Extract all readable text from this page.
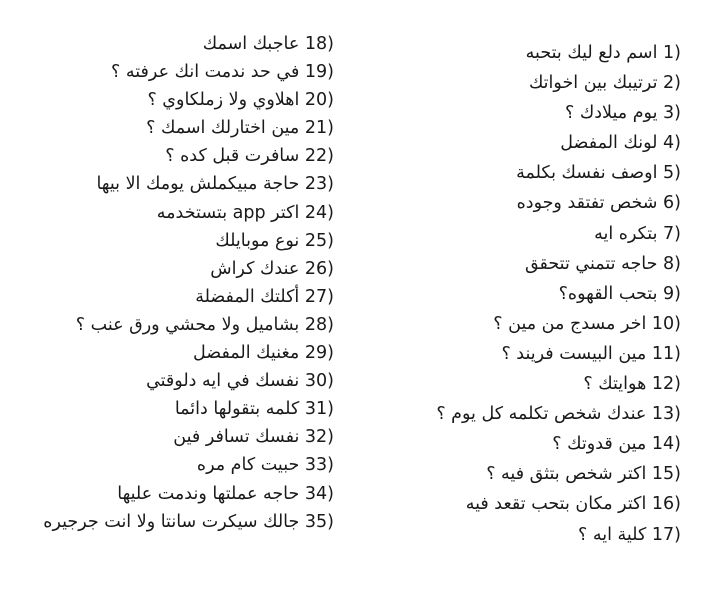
1) اسم دلع ليك بتحبه
2) ترتيبك بين اخواتك
3) يوم ميلادك ؟
4) لونك المفضل
5) اوصف نفسك بكلمة
6) شخص تفتقد وجوده
7) بتكره ايه
8) حاجه تتمني تتحقق
9) بتحب القهوه؟
10) اخر مسدج من مين ؟
11) مين البيست فريند ؟
12) هوايتك ؟
13) عندك شخص تكلمه كل يوم ؟
14) مين قدوتك ؟
15) اكتر شخص بتثق فيه ؟
16) اكتر مكان بتحب تقعد فيه
17) كلية ايه ؟
18) عاجبك اسمك
19) في حد ندمت انك عرفته ؟
20) اهلاوي ولا زملكاوي ؟
21) مين اختارلك اسمك ؟
22) سافرت قبل كده ؟
23) حاجة مبيكملش يومك الا بيها
24) اكتر app بتستخدمه
25) نوع موبايلك
26) عندك كراش
27) أكلتك المفضلة
28) بشاميل ولا محشي ورق عنب ؟
29) مغنيك المفضل
30) نفسك في ايه دلوقتي
31) كلمه بتقولها دائما
32) نفسك تسافر فين
33) حبيت كام مره
34) حاجه عملتها وندمت عليها
35) جالك سيكرت سانتا ولا انت جرجيره
